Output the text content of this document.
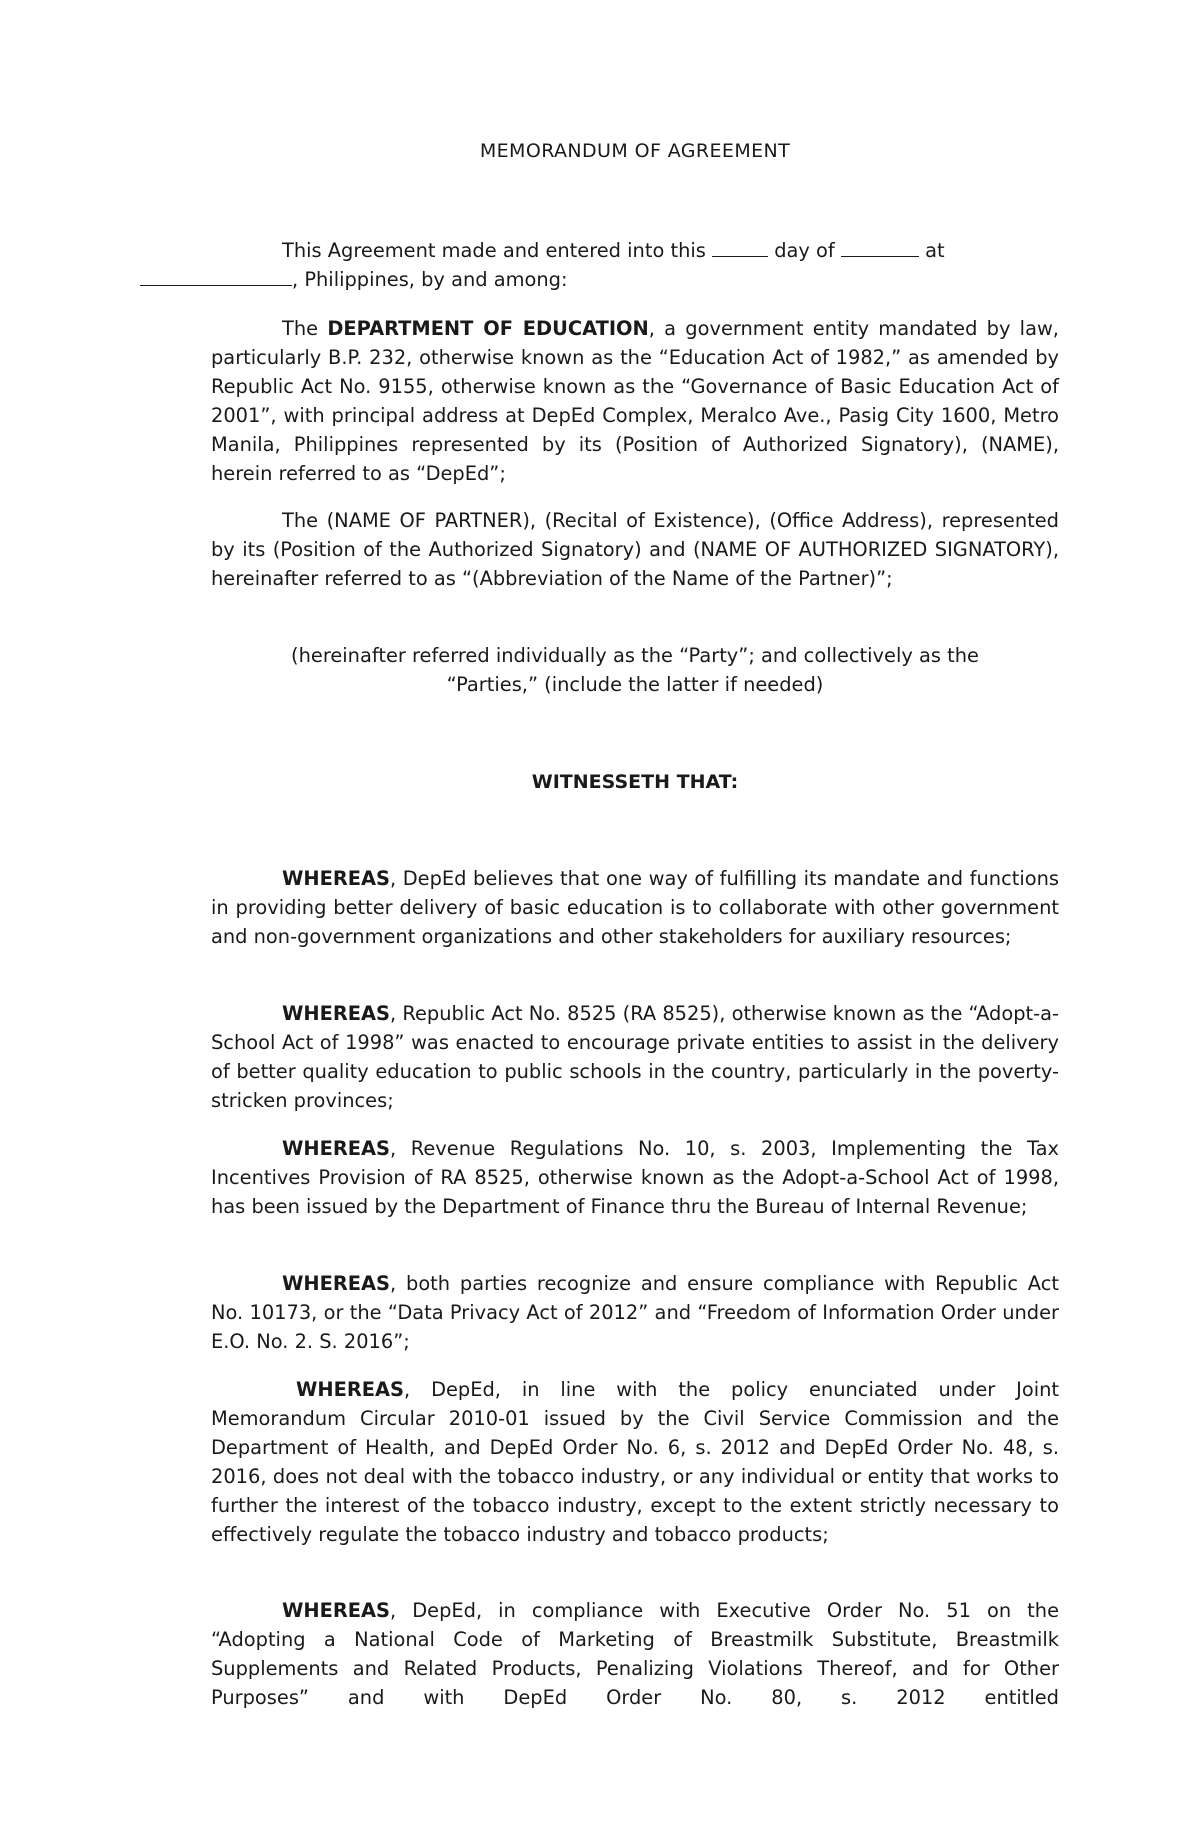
MEMORANDUM OF AGREEMENT

This Agreement made and entered into this	day of	at
, Philippines, by and among:

The DEPARTMENT OF EDUCATION, a government entity mandated by law, particularly B.P. 232, otherwise known as the “Education Act of 1982,” as amended by Republic Act No. 9155, otherwise known as the “Governance of Basic Education Act of 2001”, with principal address at DepEd Complex, Meralco Ave., Pasig City 1600, Metro Manila, Philippines represented by its (Position of Authorized Signatory), (NAME), herein referred to as “DepEd”;

The (NAME OF PARTNER), (Recital of Existence), (Office Address), represented by its (Position of the Authorized Signatory) and (NAME OF AUTHORIZED SIGNATORY), hereinafter referred to as “(Abbreviation of the Name of the Partner)”;

(hereinafter referred individually as the “Party”; and collectively as the
“Parties,” (include the latter if needed)

WITNESSETH THAT:

WHEREAS, DepEd believes that one way of fulfilling its mandate and functions in providing better delivery of basic education is to collaborate with other government and non-government organizations and other stakeholders for auxiliary resources;

WHEREAS, Republic Act No. 8525 (RA 8525), otherwise known as the “Adopt-a-School Act of 1998” was enacted to encourage private entities to assist in the delivery of better quality education to public schools in the country, particularly in the poverty-stricken provinces;

WHEREAS, Revenue Regulations No. 10, s. 2003, Implementing the Tax Incentives Provision of RA 8525, otherwise known as the Adopt-a-School Act of 1998, has been issued by the Department of Finance thru the Bureau of Internal Revenue;

WHEREAS, both parties recognize and ensure compliance with Republic Act No. 10173, or the “Data Privacy Act of 2012” and “Freedom of Information Order under E.O. No. 2. S. 2016”;

WHEREAS, DepEd, in line with the policy enunciated under Joint Memorandum Circular 2010-01 issued by the Civil Service Commission and the Department of Health, and DepEd Order No. 6, s. 2012 and DepEd Order No. 48, s. 2016, does not deal with the tobacco industry, or any individual or entity that works to further the interest of the tobacco industry, except to the extent strictly necessary to effectively regulate the tobacco industry and tobacco products;

WHEREAS, DepEd, in compliance with Executive Order No. 51 on the “Adopting a National Code of Marketing of Breastmilk Substitute, Breastmilk Supplements and Related Products, Penalizing Violations Thereof, and for Other Purposes” and with DepEd Order No. 80, s. 2012 entitled
